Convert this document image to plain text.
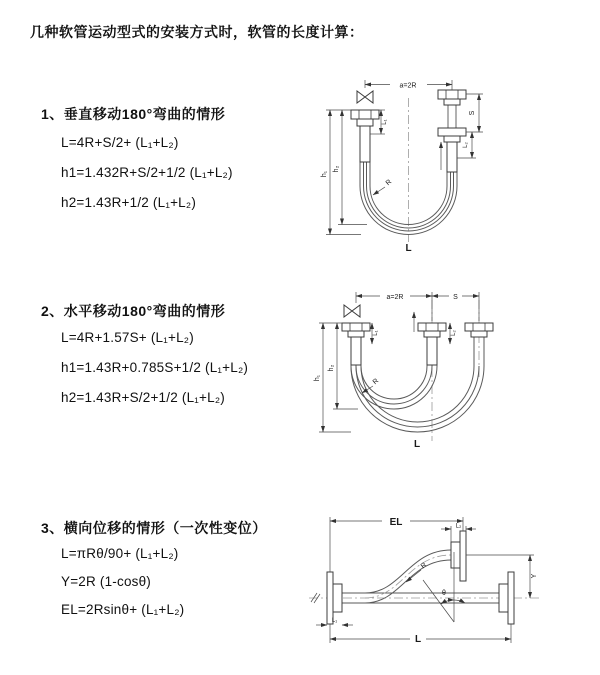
几种软管运动型式的安装方式时，软管的长度计算：
1、垂直移动180°弯曲的情形
L=4R+S/2+ (L₁+L₂)
h1=1.432R+S/2+1/2 (L₁+L₂)
h2=1.43R+1/2 (L₁+L₂)
a=2R
S
L₂
h₁
h₂
L₁
R
L
2、水平移动180°弯曲的情形
L=4R+1.57S+ (L₁+L₂)
h1=1.43R+0.785S+1/2 (L₁+L₂)
h2=1.43R+S/2+1/2 (L₁+L₂)
a=2R	S
h₁
h₂
L₁	L₂
R
L
3、横向位移的情形（一次性变位）
L=πRθ/90+ (L₁+L₂)
Y=2R (1-cosθ)
EL=2Rsinθ+ (L₁+L₂)
EL	L₂
Y
θ
R
L
L₁
